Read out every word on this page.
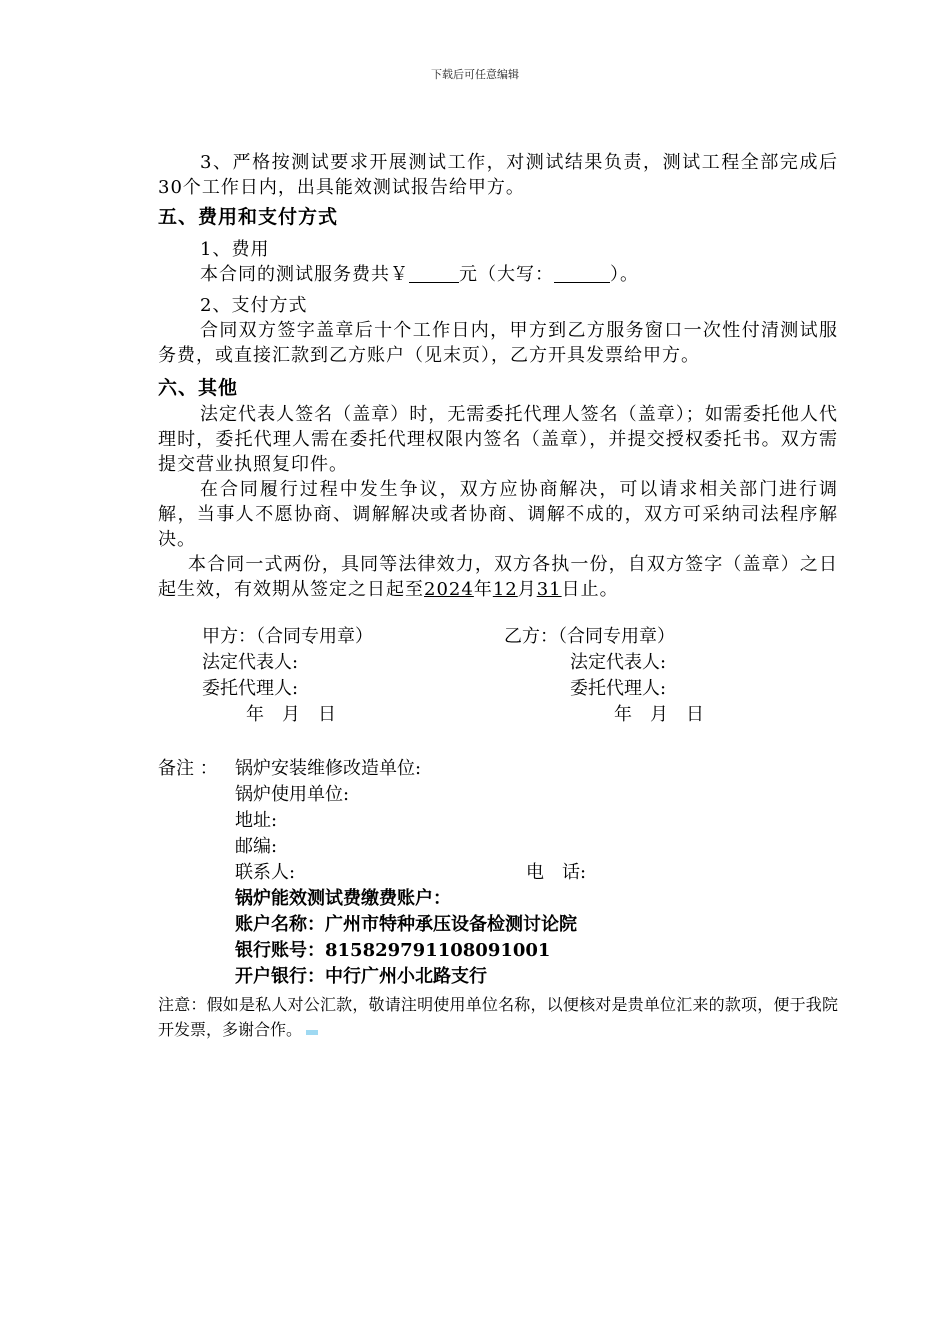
下载后可任意编辑
3、严格按测试要求开展测试工作，对测试结果负责，测试工程全部完成后30个工作日内，出具能效测试报告给甲方。
五、费用和支付方式
1、费用
本合同的测试服务费共￥	元（大写：	）。
2、支付方式
合同双方签字盖章后十个工作日内，甲方到乙方服务窗口一次性付清测试服务费，或直接汇款到乙方账户（见末页），乙方开具发票给甲方。
六、其他
法定代表人签名（盖章）时，无需委托代理人签名（盖章）；如需委托他人代理时，委托代理人需在委托代理权限内签名（盖章），并提交授权委托书。双方需提交营业执照复印件。
在合同履行过程中发生争议，双方应协商解决，可以请求相关部门进行调解，当事人不愿协商、调解解决或者协商、调解不成的，双方可采纳司法程序解决。
本合同一式两份，具同等法律效力，双方各执一份，自双方签字（盖章）之日起生效，有效期从签定之日起至2024年12月31日止。
甲方：（合同专用章）	乙方：（合同专用章）
法定代表人:	法定代表人:
委托代理人:	委托代理人:
年　月　日	年　月　日
备注 ： 锅炉安装维修改造单位:
锅炉使用单位:
地址:
邮编:
联系人:	电　话:
锅炉能效测试费缴费账户：
账户名称：广州市特种承压设备检测讨论院
银行账号：815829791108091001
开户银行：中行广州小北路支行
注意：假如是私人对公汇款，敬请注明使用单位名称，以便核对是贵单位汇来的款项，便于我院开发票，多谢合作。
